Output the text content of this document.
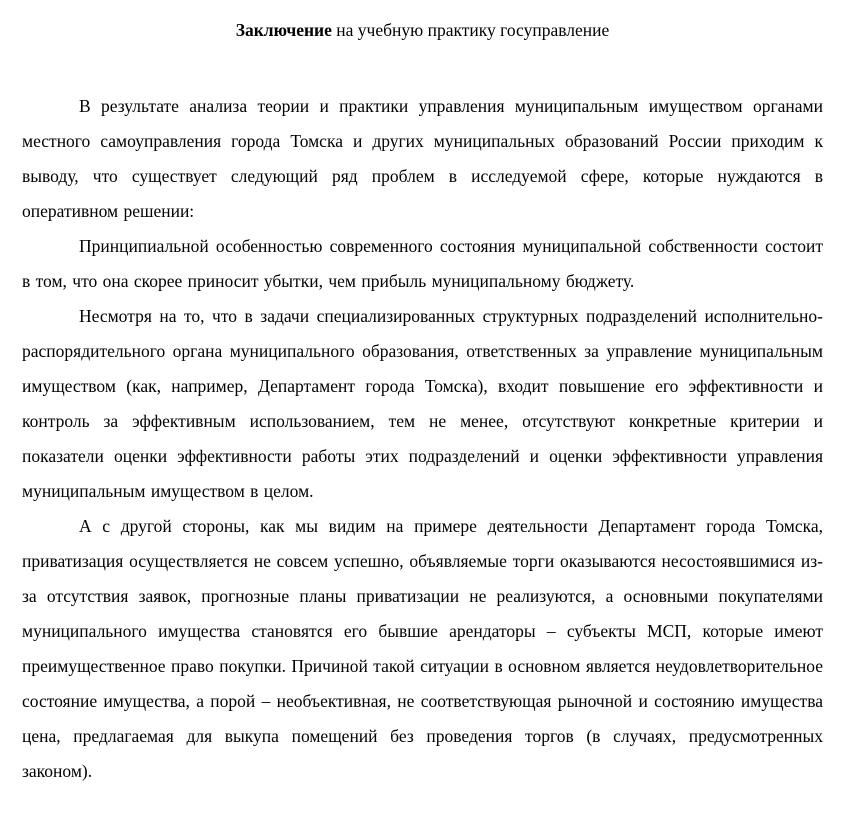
Заключение на учебную практику госуправление

В результате анализа теории и практики управления муниципальным имуществом органами местного самоуправления города Томска и других муниципальных образований России приходим к выводу, что существует следующий ряд проблем в исследуемой сфере, которые нуждаются в оперативном решении:

Принципиальной особенностью современного состояния муниципальной собственности состоит в том, что она скорее приносит убытки, чем прибыль муниципальному бюджету.

Несмотря на то, что в задачи специализированных структурных подразделений исполнительно-распорядительного органа муниципального образования, ответственных за управление муниципальным имуществом (как, например, Департамент города Томска), входит повышение его эффективности и контроль за эффективным использованием, тем не менее, отсутствуют конкретные критерии и показатели оценки эффективности работы этих подразделений и оценки эффективности управления муниципальным имуществом в целом.

А с другой стороны, как мы видим на примере деятельности Департамент города Томска, приватизация осуществляется не совсем успешно, объявляемые торги оказываются несостоявшимися из-за отсутствия заявок, прогнозные планы приватизации не реализуются, а основными покупателями муниципального имущества становятся его бывшие арендаторы – субъекты МСП, которые имеют преимущественное право покупки. Причиной такой ситуации в основном является неудовлетворительное состояние имущества, а порой – необъективная, не соответствующая рыночной и состоянию имущества цена, предлагаемая для выкупа помещений без проведения торгов (в случаях, предусмотренных законом).
